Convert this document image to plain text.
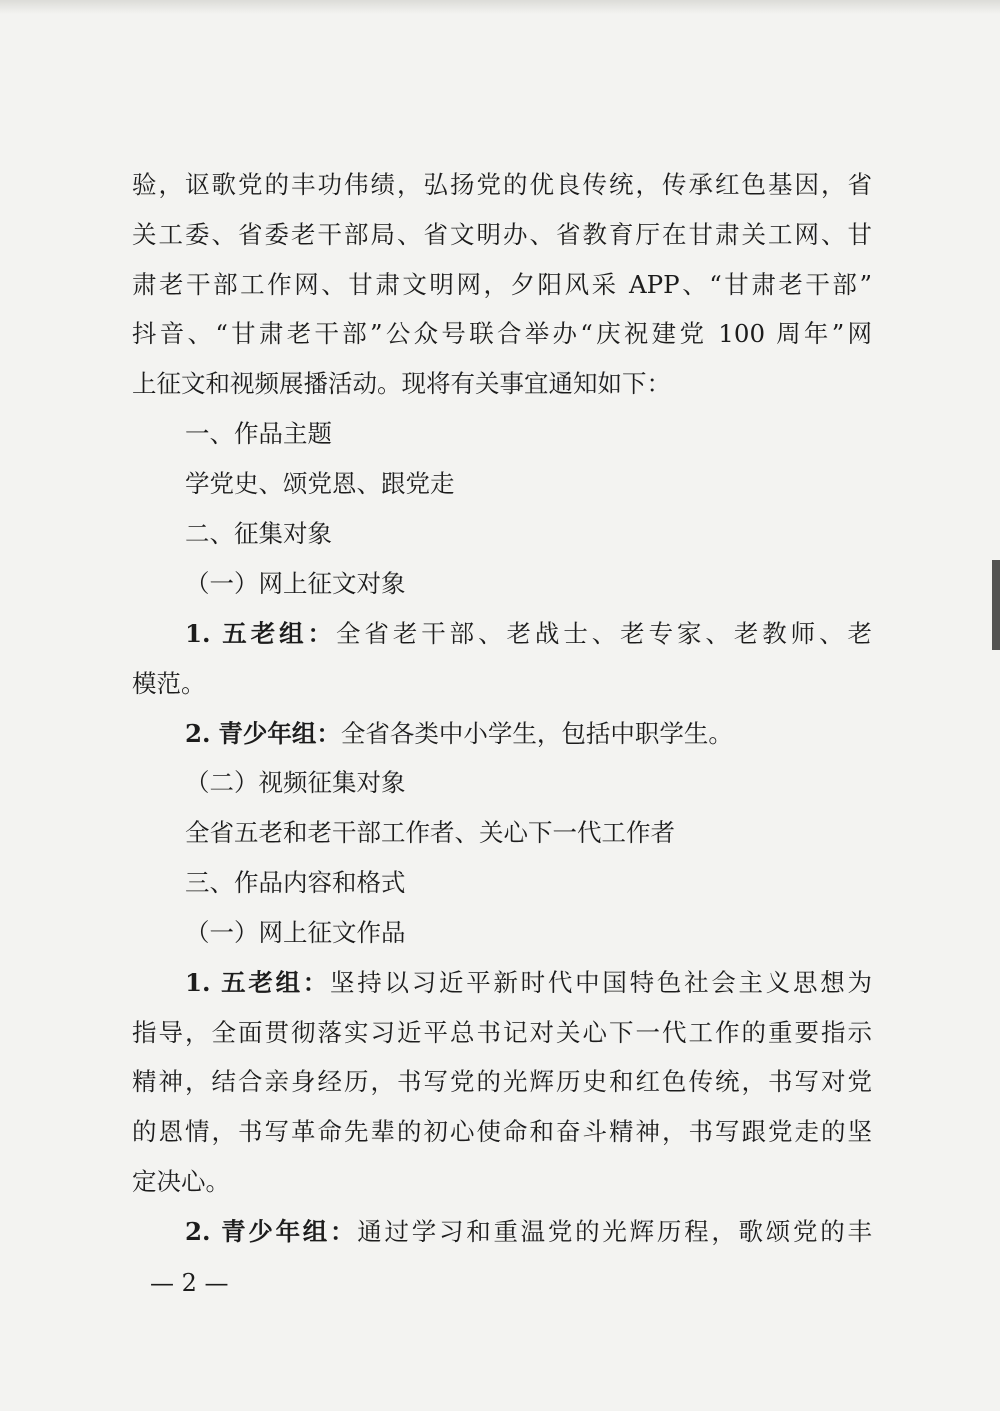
验，讴歌党的丰功伟绩，弘扬党的优良传统，传承红色基因，省
关工委、省委老干部局、省文明办、省教育厅在甘肃关工网、甘
肃老干部工作网、甘肃文明网，夕阳风采 APP、“甘肃老干部”
抖音、“甘肃老干部”公众号联合举办“庆祝建党 100 周年”网
上征文和视频展播活动。现将有关事宜通知如下：
一、作品主题
学党史、颂党恩、跟党走
二、征集对象
（一）网上征文对象
1. 五老组：全省老干部、老战士、老专家、老教师、老
模范。
2. 青少年组：全省各类中小学生，包括中职学生。
（二）视频征集对象
全省五老和老干部工作者、关心下一代工作者
三、作品内容和格式
（一）网上征文作品
1. 五老组：坚持以习近平新时代中国特色社会主义思想为
指导，全面贯彻落实习近平总书记对关心下一代工作的重要指示
精神，结合亲身经历，书写党的光辉历史和红色传统，书写对党
的恩情，书写革命先辈的初心使命和奋斗精神，书写跟党走的坚
定决心。
2. 青少年组：通过学习和重温党的光辉历程，歌颂党的丰
— 2 —
